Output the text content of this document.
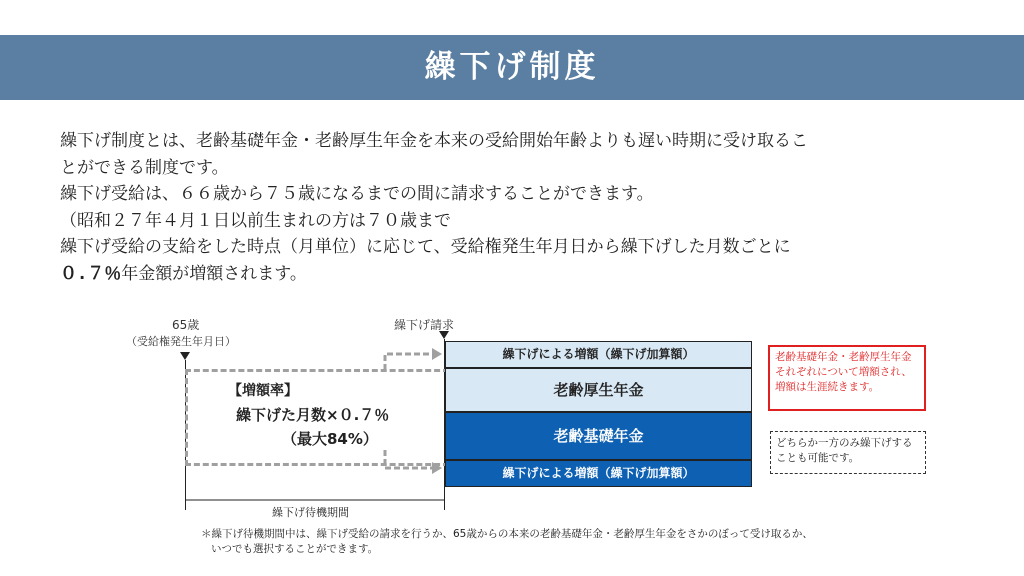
繰下げ制度

繰下げ制度とは、老齢基礎年金・老齢厚生年金を本来の受給開始年齢よりも遅い時期に受け取るこ

とができる制度です。

繰下げ受給は、６６歳から７５歳になるまでの間に請求することができます。

（昭和２７年４月１日以前生まれの方は７０歳まで

繰下げ受給の支給をした時点（月単位）に応じて、受給権発生年月日から繰下げした月数ごとに

０.７％年金額が増額されます。

65歳
（受給権発生年月日）
繰下げ請求
【増額率】
繰下げた月数×０.７％
（最大84%）
繰下げによる増額（繰下げ加算額）
老齢厚生年金
老齢基礎年金
繰下げによる増額（繰下げ加算額）
老齢基礎年金・老齢厚生年金それぞれについて増額され、増額は生涯続きます。
どちらか一方のみ繰下げすることも可能です。
繰下げ待機期間
＊繰下げ待機期間中は、繰下げ受給の請求を行うか、65歳からの本来の老齢基礎年金・老齢厚生年金をさかのぼって受け取るか、
いつでも選択することができます。
